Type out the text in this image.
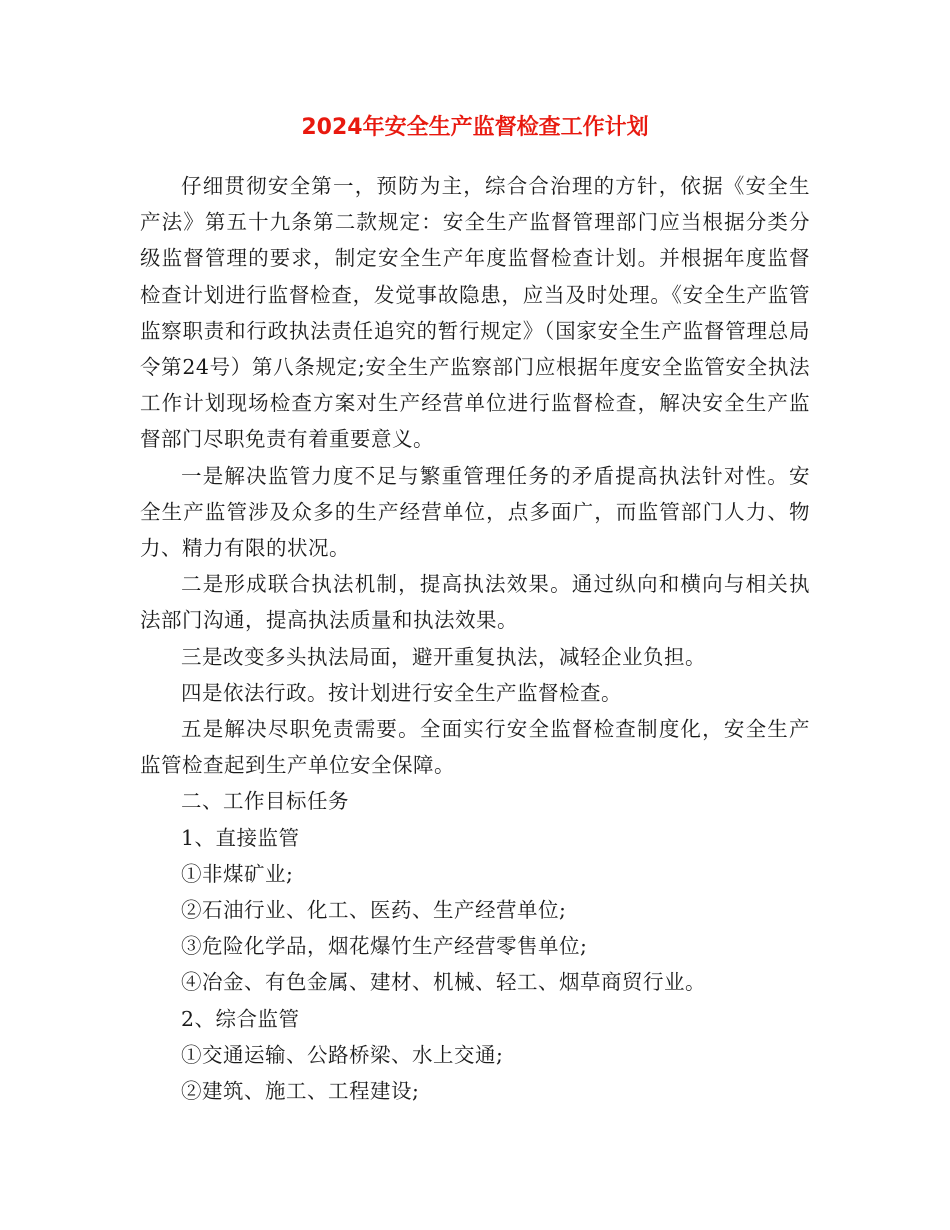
2024年安全生产监督检查工作计划

仔细贯彻安全第一，预防为主，综合合治理的方针，依据《安全生产法》第五十九条第二款规定：安全生产监督管理部门应当根据分类分级监督管理的要求，制定安全生产年度监督检查计划。并根据年度监督检查计划进行监督检查，发觉事故隐患，应当及时处理。《安全生产监管监察职责和行政执法责任追究的暂行规定》（国家安全生产监督管理总局令第24号）第八条规定;安全生产监察部门应根据年度安全监管安全执法工作计划现场检查方案对生产经营单位进行监督检查，解决安全生产监督部门尽职免责有着重要意义。

一是解决监管力度不足与繁重管理任务的矛盾提高执法针对性。安全生产监管涉及众多的生产经营单位，点多面广，而监管部门人力、物力、精力有限的状况。

二是形成联合执法机制，提高执法效果。通过纵向和横向与相关执法部门沟通，提高执法质量和执法效果。

三是改变多头执法局面，避开重复执法，减轻企业负担。

四是依法行政。按计划进行安全生产监督检查。

五是解决尽职免责需要。全面实行安全监督检查制度化，安全生产监管检查起到生产单位安全保障。

二、工作目标任务

1、直接监管

①非煤矿业;

②石油行业、化工、医药、生产经营单位;

③危险化学品，烟花爆竹生产经营零售单位;

④冶金、有色金属、建材、机械、轻工、烟草商贸行业。

2、综合监管

①交通运输、公路桥梁、水上交通;

②建筑、施工、工程建设;
